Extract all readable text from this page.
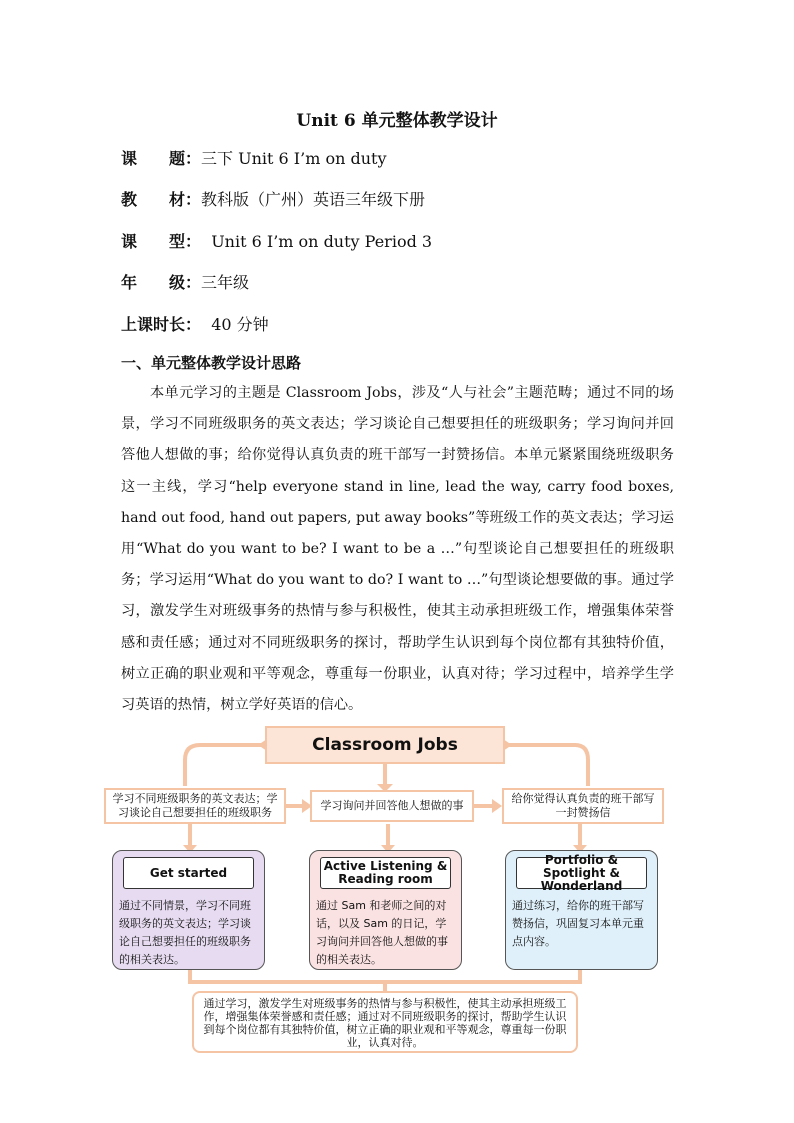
Unit 6 单元整体教学设计
课　　题：三下 Unit 6 I’m on duty
教　　材：教科版（广州）英语三年级下册
课　　型：  Unit 6 I’m on duty Period 3
年　　级：三年级
上课时长：  40 分钟
一、单元整体教学设计思路

本单元学习的主题是 Classroom Jobs，涉及“人与社会”主题范畴；通过不同的场景，学习不同班级职务的英文表达；学习谈论自己想要担任的班级职务；学习询问并回答他人想做的事；给你觉得认真负责的班干部写一封赞扬信。本单元紧紧围绕班级职务这一主线，学习“help everyone stand in line, lead the way, carry food boxes, hand out food, hand out papers, put away books”等班级工作的英文表达；学习运用“What do you want to be? I want to be a …”句型谈论自己想要担任的班级职务；学习运用“What do you want to do? I want to …”句型谈论想要做的事。通过学习，激发学生对班级事务的热情与参与积极性，使其主动承担班级工作，增强集体荣誉感和责任感；通过对不同班级职务的探讨，帮助学生认识到每个岗位都有其独特价值，树立正确的职业观和平等观念，尊重每一份职业，认真对待；学习过程中，培养学生学习英语的热情，树立学好英语的信心。

Classroom Jobs
学习不同班级职务的英文表达；学习谈论自己想要担任的班级职务
学习询问并回答他人想做的事
给你觉得认真负责的班干部写一封赞扬信
Get started
通过不同情景，学习不同班级职务的英文表达；学习谈论自己想要担任的班级职务的相关表达。
Active Listening & Reading room
通过 Sam 和老师之间的对话，以及 Sam 的日记，学习询问并回答他人想做的事的相关表达。
Portfolio & Spotlight & Wonderland
通过练习，给你的班干部写赞扬信，巩固复习本单元重点内容。
通过学习，激发学生对班级事务的热情与参与积极性，使其主动承担班级工作，增强集体荣誉感和责任感；通过对不同班级职务的探讨，帮助学生认识到每个岗位都有其独特价值，树立正确的职业观和平等观念，尊重每一份职业，认真对待。
